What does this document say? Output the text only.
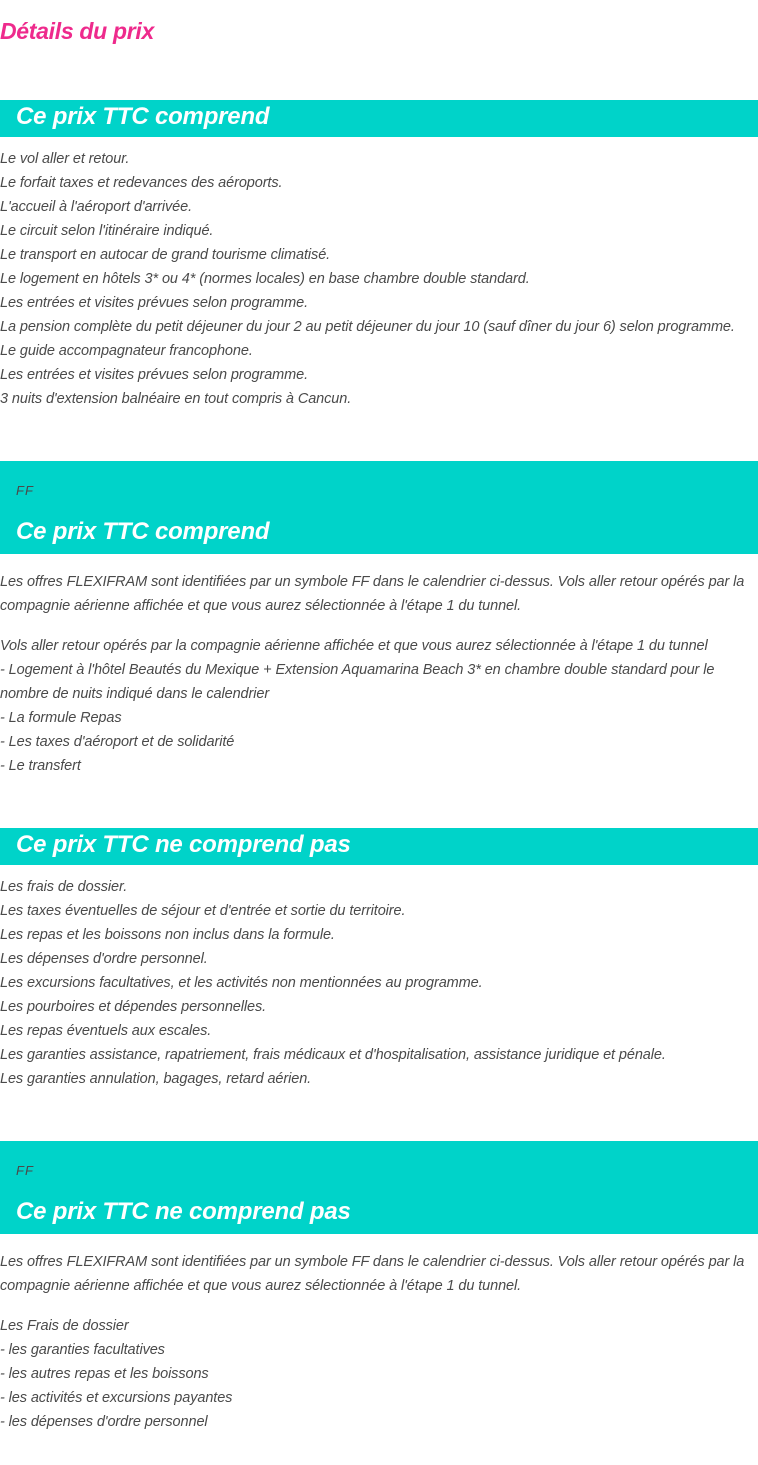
Détails du prix
Ce prix TTC comprend
Le vol aller et retour.
Le forfait taxes et redevances des aéroports.
L'accueil à l'aéroport d'arrivée.
Le circuit selon l'itinéraire indiqué.
Le transport en autocar de grand tourisme climatisé.
Le logement en hôtels 3* ou 4* (normes locales) en base chambre double standard.
Les entrées et visites prévues selon programme.
La pension complète du petit déjeuner du jour 2 au petit déjeuner du jour 10 (sauf dîner du jour 6) selon programme.
Le guide accompagnateur francophone.
Les entrées et visites prévues selon programme.
3 nuits d'extension balnéaire en tout compris à Cancun.
FF
Ce prix TTC comprend

Les offres FLEXIFRAM sont identifiées par un symbole FF dans le calendrier ci-dessus. Vols aller retour opérés par la compagnie aérienne affichée et que vous aurez sélectionnée à l'étape 1 du tunnel.

Vols aller retour opérés par la compagnie aérienne affichée et que vous aurez sélectionnée à l'étape 1 du tunnel
- Logement à l'hôtel Beautés du Mexique + Extension Aquamarina Beach 3* en chambre double standard pour le nombre de nuits indiqué dans le calendrier
- La formule Repas
- Les taxes d'aéroport et de solidarité
- Le transfert
Ce prix TTC ne comprend pas
Les frais de dossier.
Les taxes éventuelles de séjour et d'entrée et sortie du territoire.
Les repas et les boissons non inclus dans la formule.
Les dépenses d'ordre personnel.
Les excursions facultatives, et les activités non mentionnées au programme.
Les pourboires et dépendes personnelles.
Les repas éventuels aux escales.
Les garanties assistance, rapatriement, frais médicaux et d'hospitalisation, assistance juridique et pénale.
Les garanties annulation, bagages, retard aérien.
FF
Ce prix TTC ne comprend pas

Les offres FLEXIFRAM sont identifiées par un symbole FF dans le calendrier ci-dessus. Vols aller retour opérés par la compagnie aérienne affichée et que vous aurez sélectionnée à l'étape 1 du tunnel.

Les Frais de dossier
- les garanties facultatives
- les autres repas et les boissons
- les activités et excursions payantes
- les dépenses d'ordre personnel
